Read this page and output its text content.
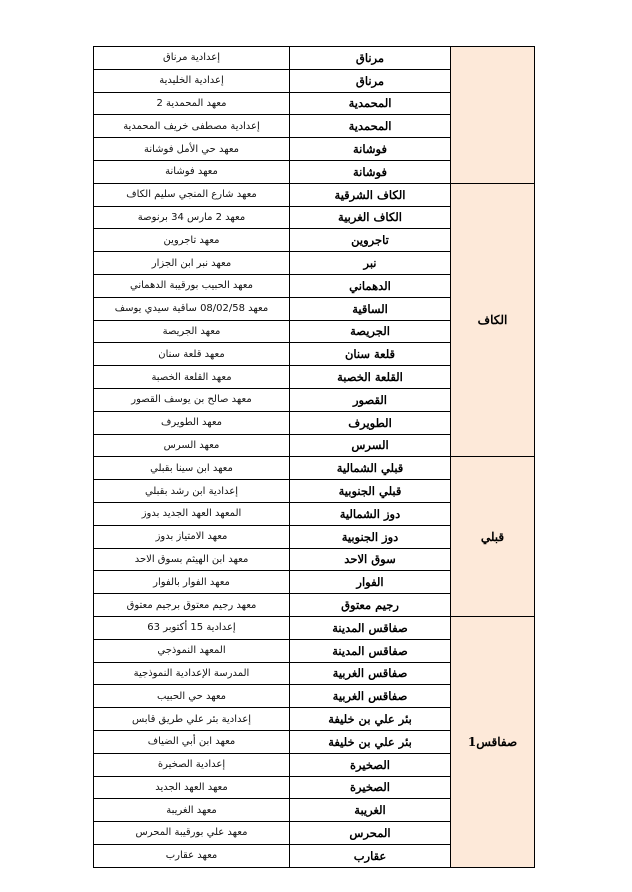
	مرناق	إعدادية مرناق
	مرناق	إعدادية الخليدية
	المحمدية	معهد المحمدية 2
	المحمدية	إعدادية مصطفى خريف المحمدية
	فوشانة	معهد حي الأمل فوشانة
	فوشانة	معهد فوشانة
الكاف	الكاف الشرقية	معهد شارع المنجي سليم الكاف
	الكاف الغربية	معهد 2 مارس 34 برنوصة
	تاجروين	معهد تاجروين
	نبر	معهد نبر ابن الجزار
	الدهماني	معهد الحبيب بورقيبة الدهماني
	الساقية	معهد 08/02/58 ساقية سيدي يوسف
	الجريصة	معهد الجريصة
	قلعة سنان	معهد قلعة سنان
	القلعة الخصبة	معهد القلعة الخصبة
	القصور	معهد صالح بن يوسف القصور
	الطويرف	معهد الطويرف
	السرس	معهد السرس
قبلي	قبلي الشمالية	معهد ابن سينا بقبلي
	قبلي الجنوبية	إعدادية ابن رشد بقبلي
	دوز الشمالية	المعهد العهد الجديد بدوز
	دوز الجنوبية	معهد الامتياز بدوز
	سوق الاحد	معهد ابن الهيثم بسوق الاحد
	الفوار	معهد الفوار بالفوار
	رجيم معتوق	معهد رجيم معتوق برجيم معتوق
صفاقس1	صفاقس المدينة	إعدادية 15 أكتوبر 63
	صفاقس المدينة	المعهد النموذجي
	صفاقس الغربية	المدرسة الإعدادية النموذجية
	صفاقس الغربية	معهد حي الحبيب
	بئر علي بن خليفة	إعدادية بئر علي طريق قابس
	بئر علي بن خليفة	معهد ابن أبي الضياف
	الصخيرة	إعدادية الصخيرة
	الصخيرة	معهد العهد الجديد
	الغريبة	معهد الغريبة
	المحرس	معهد علي بورقيبة المحرس
	عقارب	معهد عقارب
